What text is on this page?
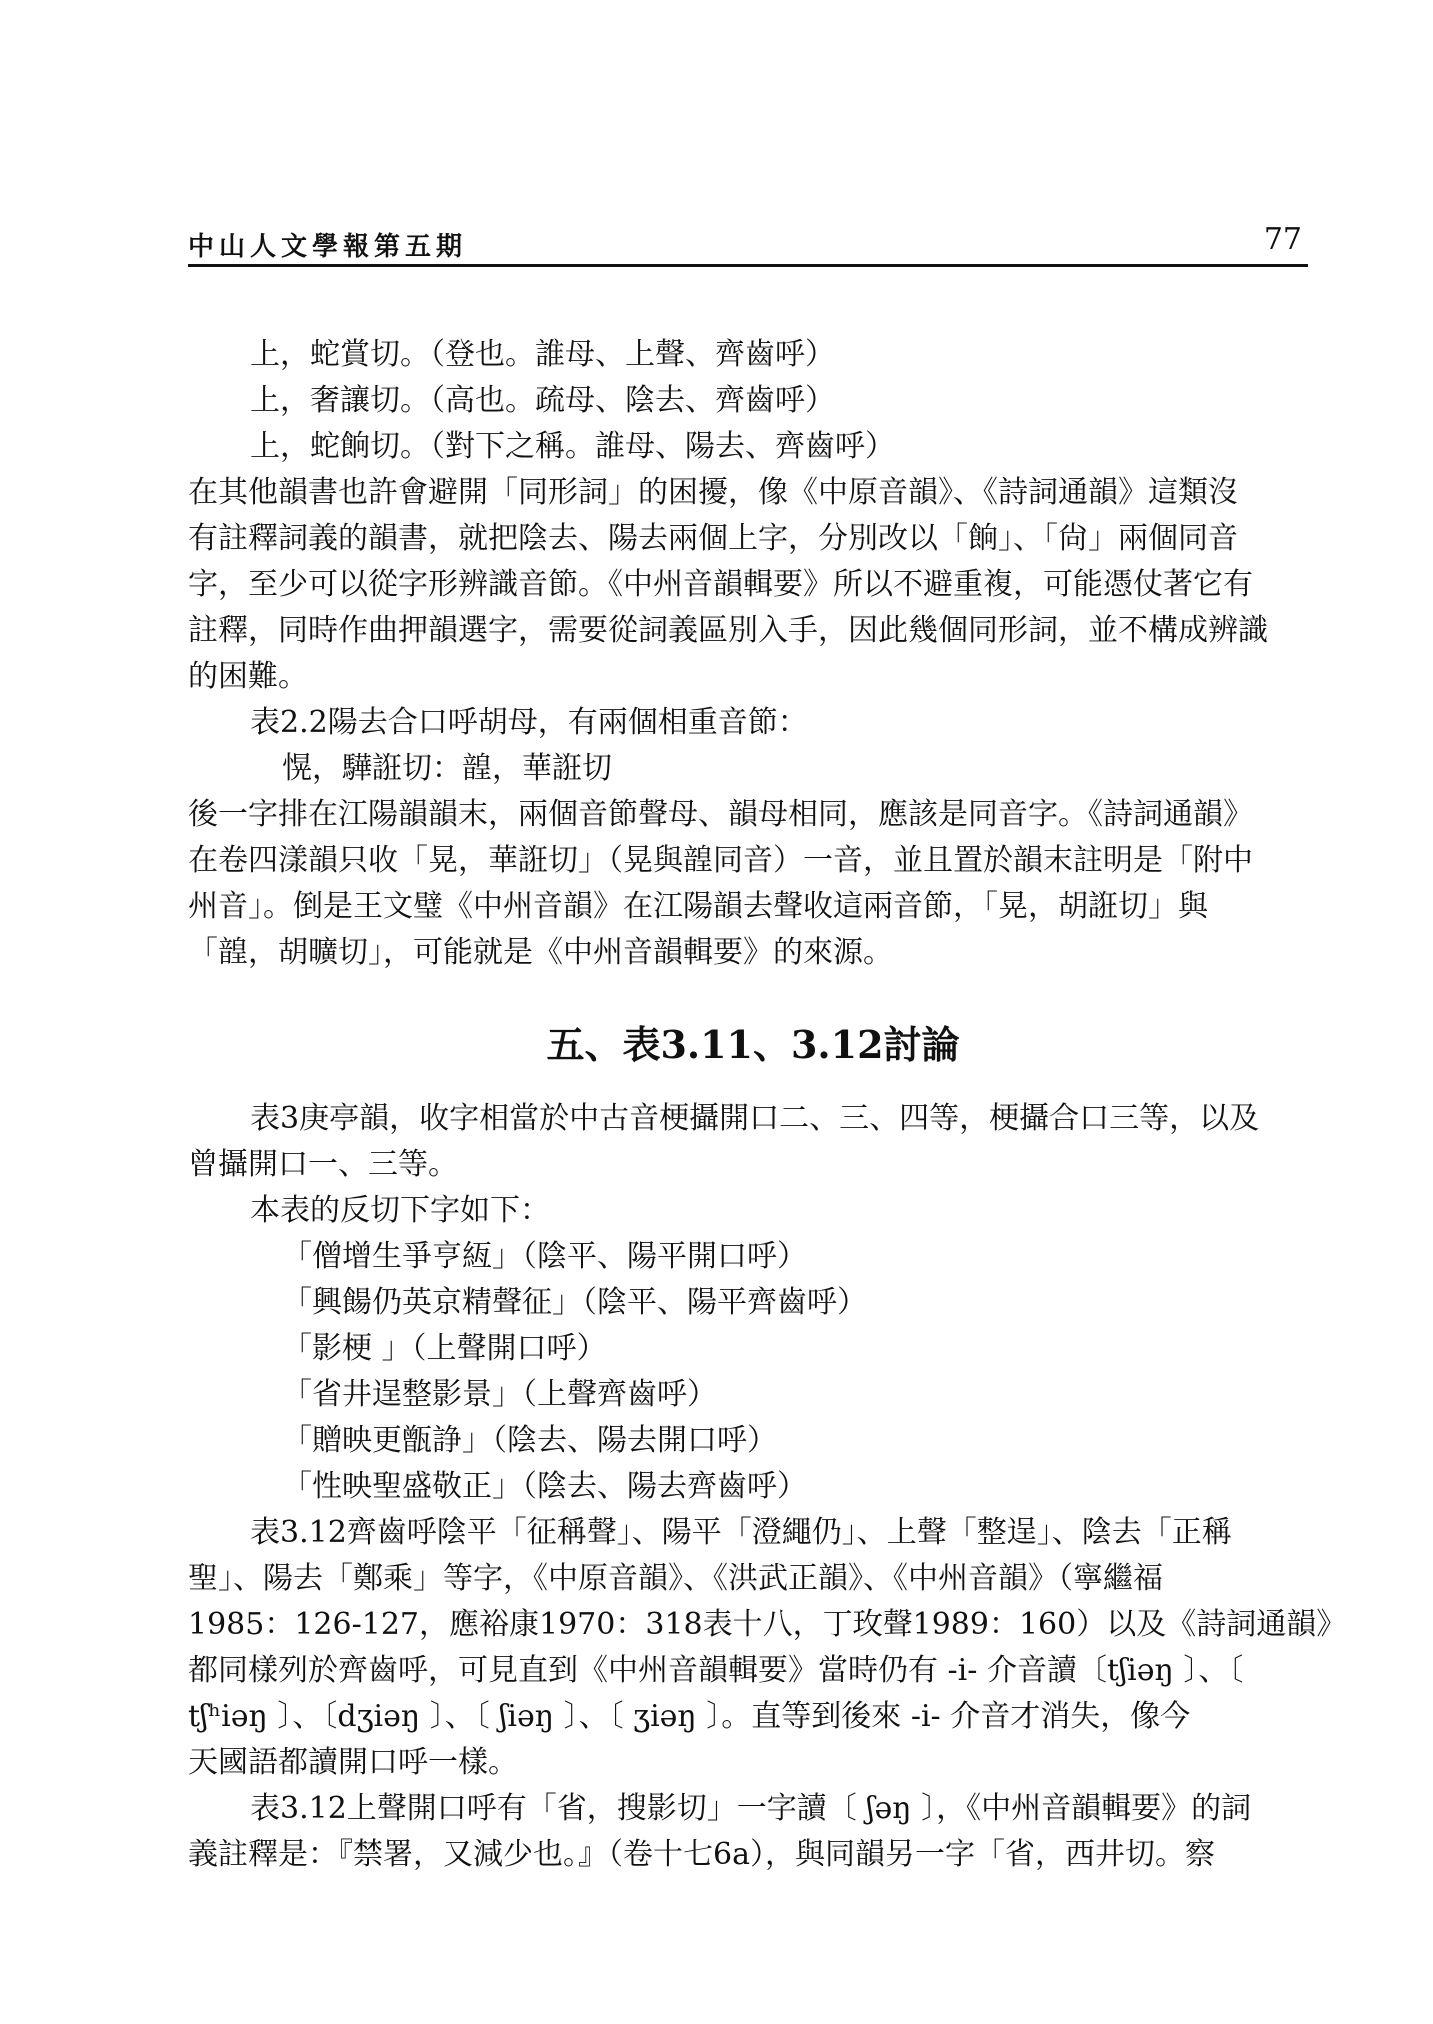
中山人文學報第五期	77
上，蛇賞切。（登也。誰母、上聲、齊齒呼）
上，奢讓切。（高也。疏母、陰去、齊齒呼）
上，蛇餉切。（對下之稱。誰母、陽去、齊齒呼）
在其他韻書也許會避開「同形詞」的困擾，像《中原音韻》、《詩詞通韻》這類沒
有註釋詞義的韻書，就把陰去、陽去兩個上字，分別改以「餉」、「尙」兩個同音
字，至少可以從字形辨識音節。《中州音韻輯要》所以不避重複，可能憑仗著它有
註釋，同時作曲押韻選字，需要從詞義區別入手，因此幾個同形詞，並不構成辨識
的困難。
表2.2陽去合口呼胡母，有兩個相重音節：
愰，驊誑切：韹，華誑切
後一字排在江陽韻韻末，兩個音節聲母、韻母相同，應該是同音字。《詩詞通韻》
在卷四漾韻只收「晃，華誑切」（晃與韹同音）一音，並且置於韻末註明是「附中
州音」。倒是王文璧《中州音韻》在江陽韻去聲收這兩音節，「晃，胡誑切」與
「韹，胡曠切」，可能就是《中州音韻輯要》的來源。
五、表3.11、3.12討論
表3庚亭韻，收字相當於中古音梗攝開口二、三、四等，梗攝合口三等，以及
曾攝開口一、三等。
本表的反切下字如下：
「僧增生爭亨絚」（陰平、陽平開口呼）
「興餳仍英京精聲征」（陰平、陽平齊齒呼）
「影梗 」（上聲開口呼）
「省井逞整影景」（上聲齊齒呼）
「贈映更甑諍」（陰去、陽去開口呼）
「性映聖盛敬正」（陰去、陽去齊齒呼）
表3.12齊齒呼陰平「征稱聲」、陽平「澄繩仍」、上聲「整逞」、陰去「正稱
聖」、陽去「鄭乘」等字，《中原音韻》、《洪武正韻》、《中州音韻》（寧繼福
1985：126-127，應裕康1970：318表十八，丁玫聲1989：160）以及《詩詞通韻》
都同樣列於齊齒呼，可見直到《中州音韻輯要》當時仍有 -i- 介音讀〔tʃiəŋ 〕、〔
tʃʰiəŋ 〕、〔dʒiəŋ 〕、〔 ʃiəŋ 〕、〔 ʒiəŋ 〕。直等到後來 -i- 介音才消失，像今
天國語都讀開口呼一樣。
表3.12上聲開口呼有「省，搜影切」一字讀〔 ʃəŋ 〕，《中州音韻輯要》的詞
義註釋是：『禁署，又減少也。』（卷十七6a），與同韻另一字「省，西井切。察
